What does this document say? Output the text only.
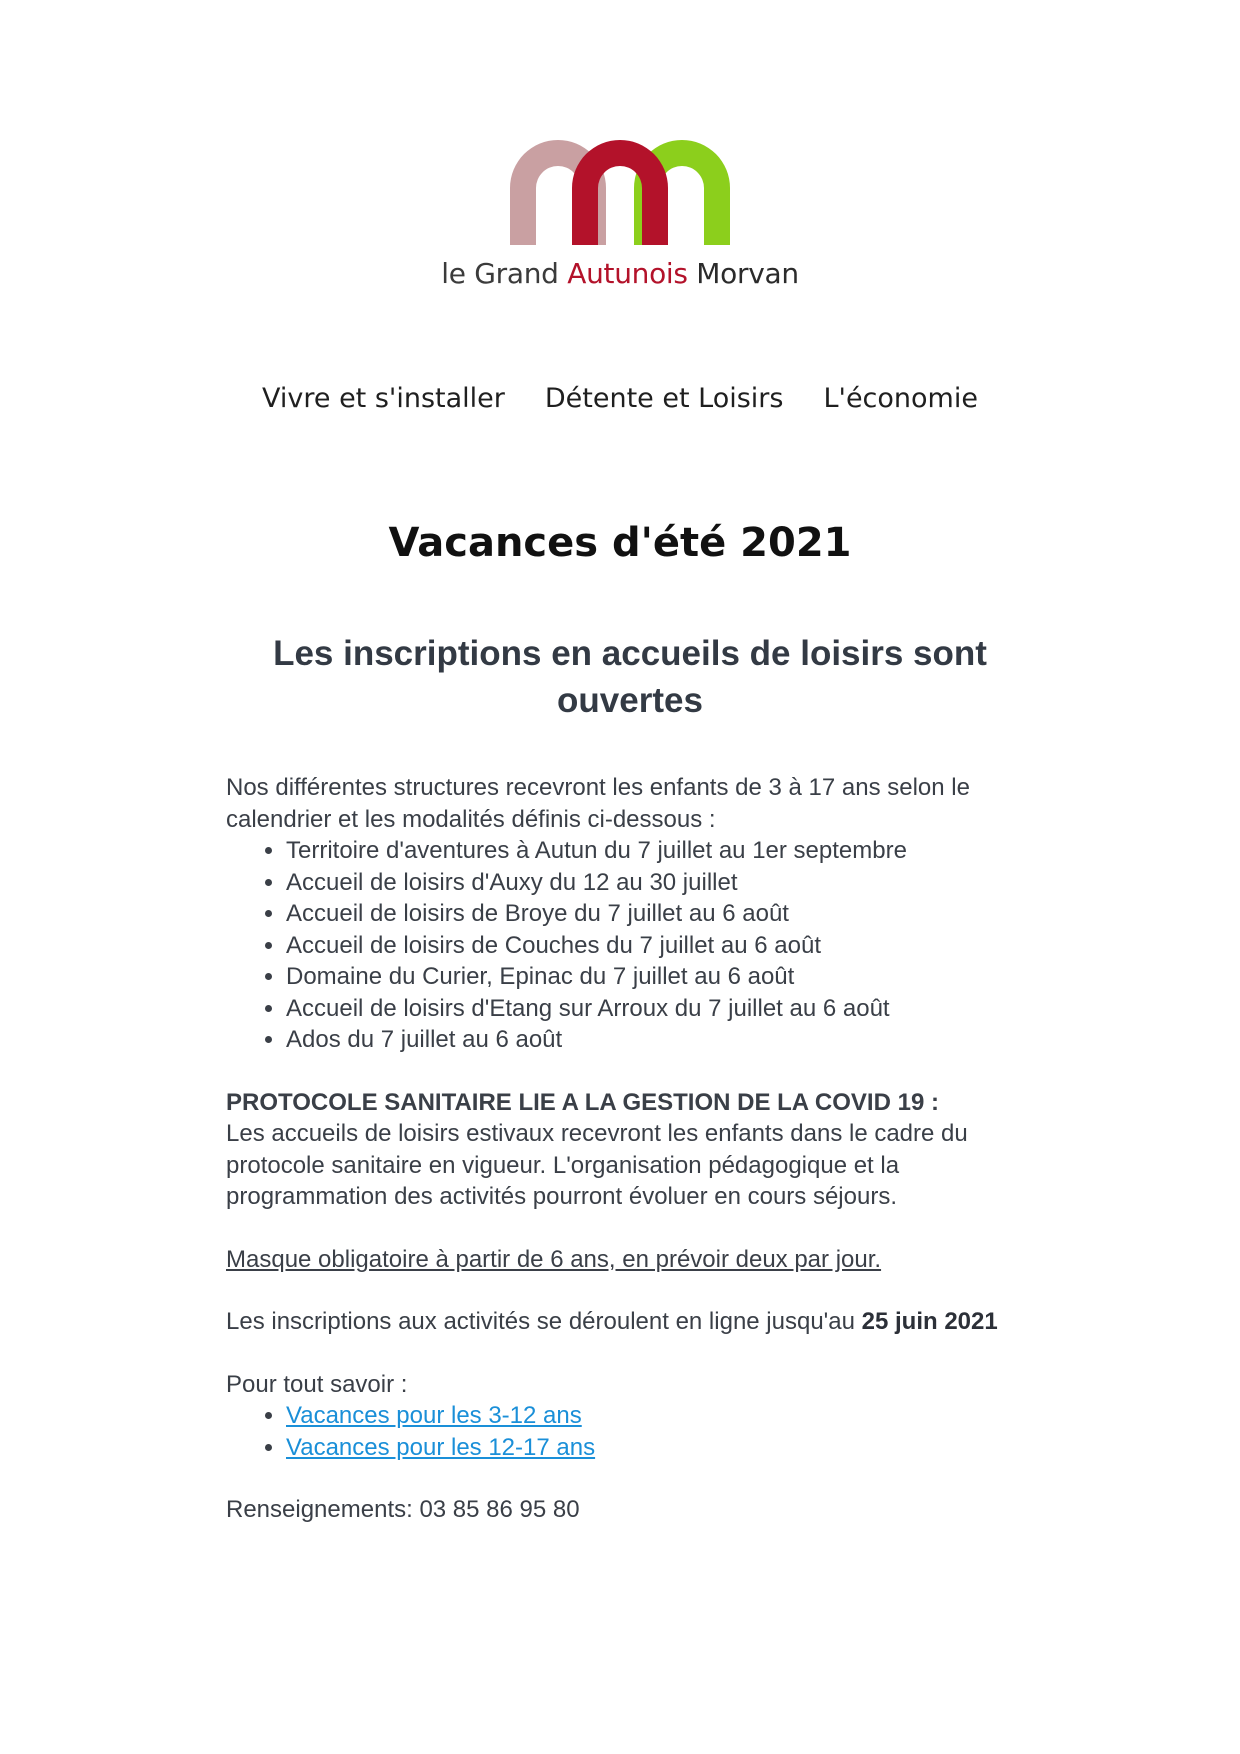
le Grand Autunois Morvan
Vivre et s'installer Détente et Loisirs L'économie
Vacances d'été 2021
Les inscriptions en accueils de loisirs sont ouvertes

Nos différentes structures recevront les enfants de 3 à 17 ans selon le calendrier et les modalités définis ci-dessous :

• Territoire d'aventures à Autun du 7 juillet au 1er septembre
• Accueil de loisirs d'Auxy du 12 au 30 juillet
• Accueil de loisirs de Broye du 7 juillet au 6 août
• Accueil de loisirs de Couches du 7 juillet au 6 août
• Domaine du Curier, Epinac du 7 juillet au 6 août
• Accueil de loisirs d'Etang sur Arroux du 7 juillet au 6 août
• Ados du 7 juillet au 6 août

PROTOCOLE SANITAIRE LIE A LA GESTION DE LA COVID 19 :

Les accueils de loisirs estivaux recevront les enfants dans le cadre du protocole sanitaire en vigueur. L'organisation pédagogique et la programmation des activités pourront évoluer en cours séjours.

Masque obligatoire à partir de 6 ans, en prévoir deux par jour.

Les inscriptions aux activités se déroulent en ligne jusqu'au 25 juin 2021

Pour tout savoir :

• Vacances pour les 3-12 ans
• Vacances pour les 12-17 ans

Renseignements: 03 85 86 95 80
